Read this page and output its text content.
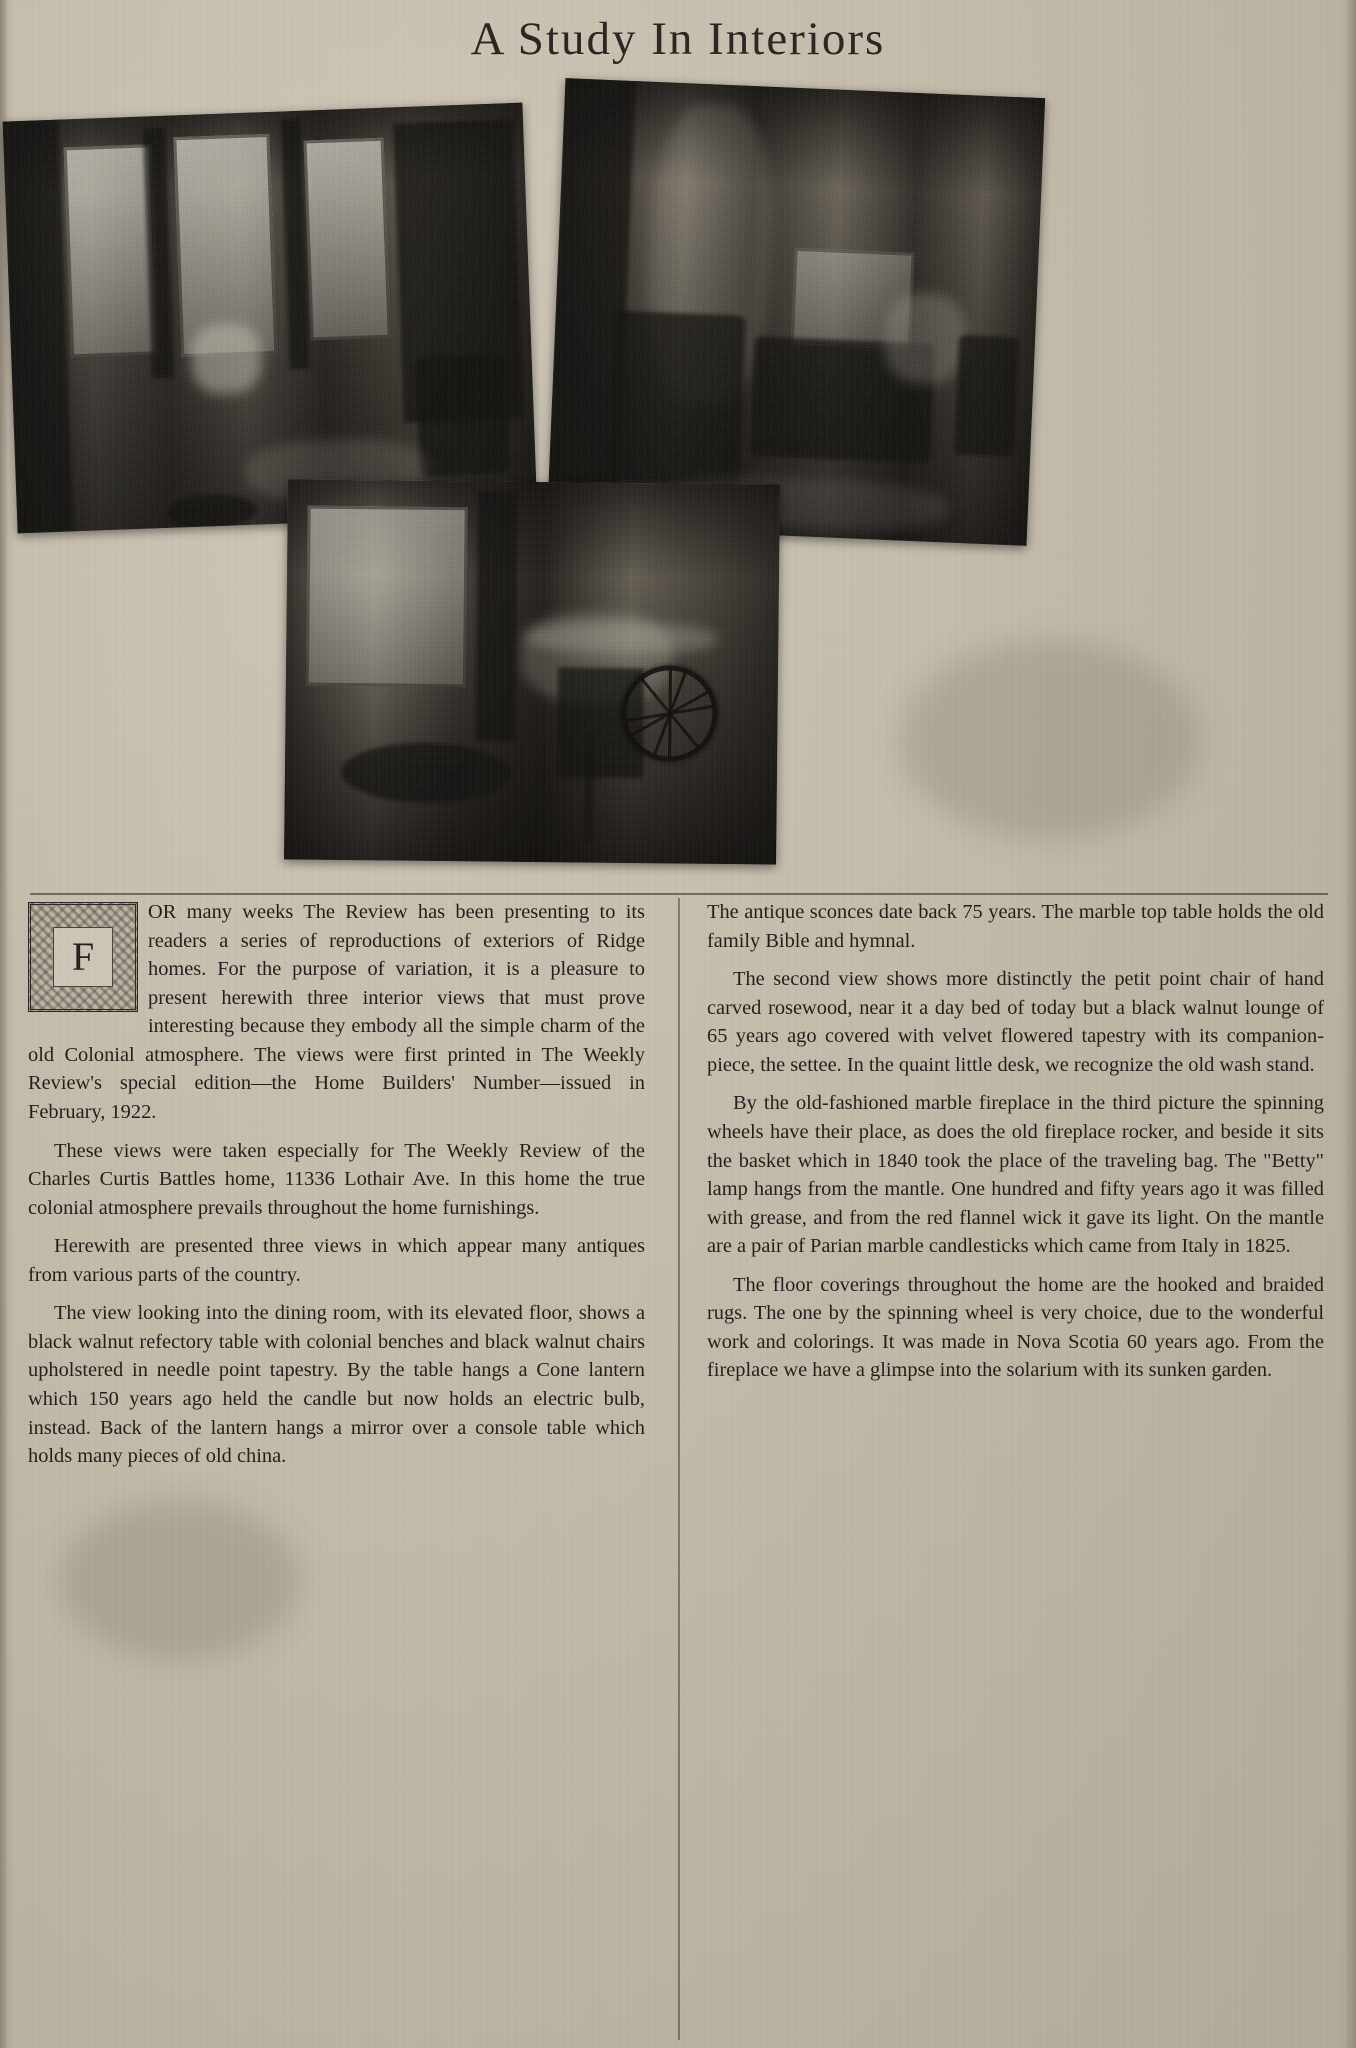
A Study In Interiors
F

OR many weeks The Review has been presenting to its readers a series of reproductions of exteriors of Ridge homes. For the purpose of variation, it is a pleasure to present herewith three interior views that must prove interesting because they embody all the simple charm of the old Colonial atmosphere. The views were first printed in The Weekly Review's special edition—the Home Builders' Number—issued in February, 1922.

These views were taken especially for The Weekly Review of the Charles Curtis Battles home, 11336 Lothair Ave. In this home the true colonial atmosphere prevails throughout the home furnishings.

Herewith are presented three views in which appear many antiques from various parts of the country.

The view looking into the dining room, with its elevated floor, shows a black walnut refectory table with colonial benches and black walnut chairs upholstered in needle point tapestry. By the table hangs a Cone lantern which 150 years ago held the candle but now holds an electric bulb, instead. Back of the lantern hangs a mirror over a console table which holds many pieces of old china.

The antique sconces date back 75 years. The marble top table holds the old family Bible and hymnal.

The second view shows more distinctly the petit point chair of hand carved rosewood, near it a day bed of today but a black walnut lounge of 65 years ago covered with velvet flowered tapestry with its companion-piece, the settee. In the quaint little desk, we recognize the old wash stand.

By the old-fashioned marble fireplace in the third picture the spinning wheels have their place, as does the old fireplace rocker, and beside it sits the basket which in 1840 took the place of the traveling bag. The "Betty" lamp hangs from the mantle. One hundred and fifty years ago it was filled with grease, and from the red flannel wick it gave its light. On the mantle are a pair of Parian marble candlesticks which came from Italy in 1825.

The floor coverings throughout the home are the hooked and braided rugs. The one by the spinning wheel is very choice, due to the wonderful work and colorings. It was made in Nova Scotia 60 years ago. From the fireplace we have a glimpse into the solarium with its sunken garden.
